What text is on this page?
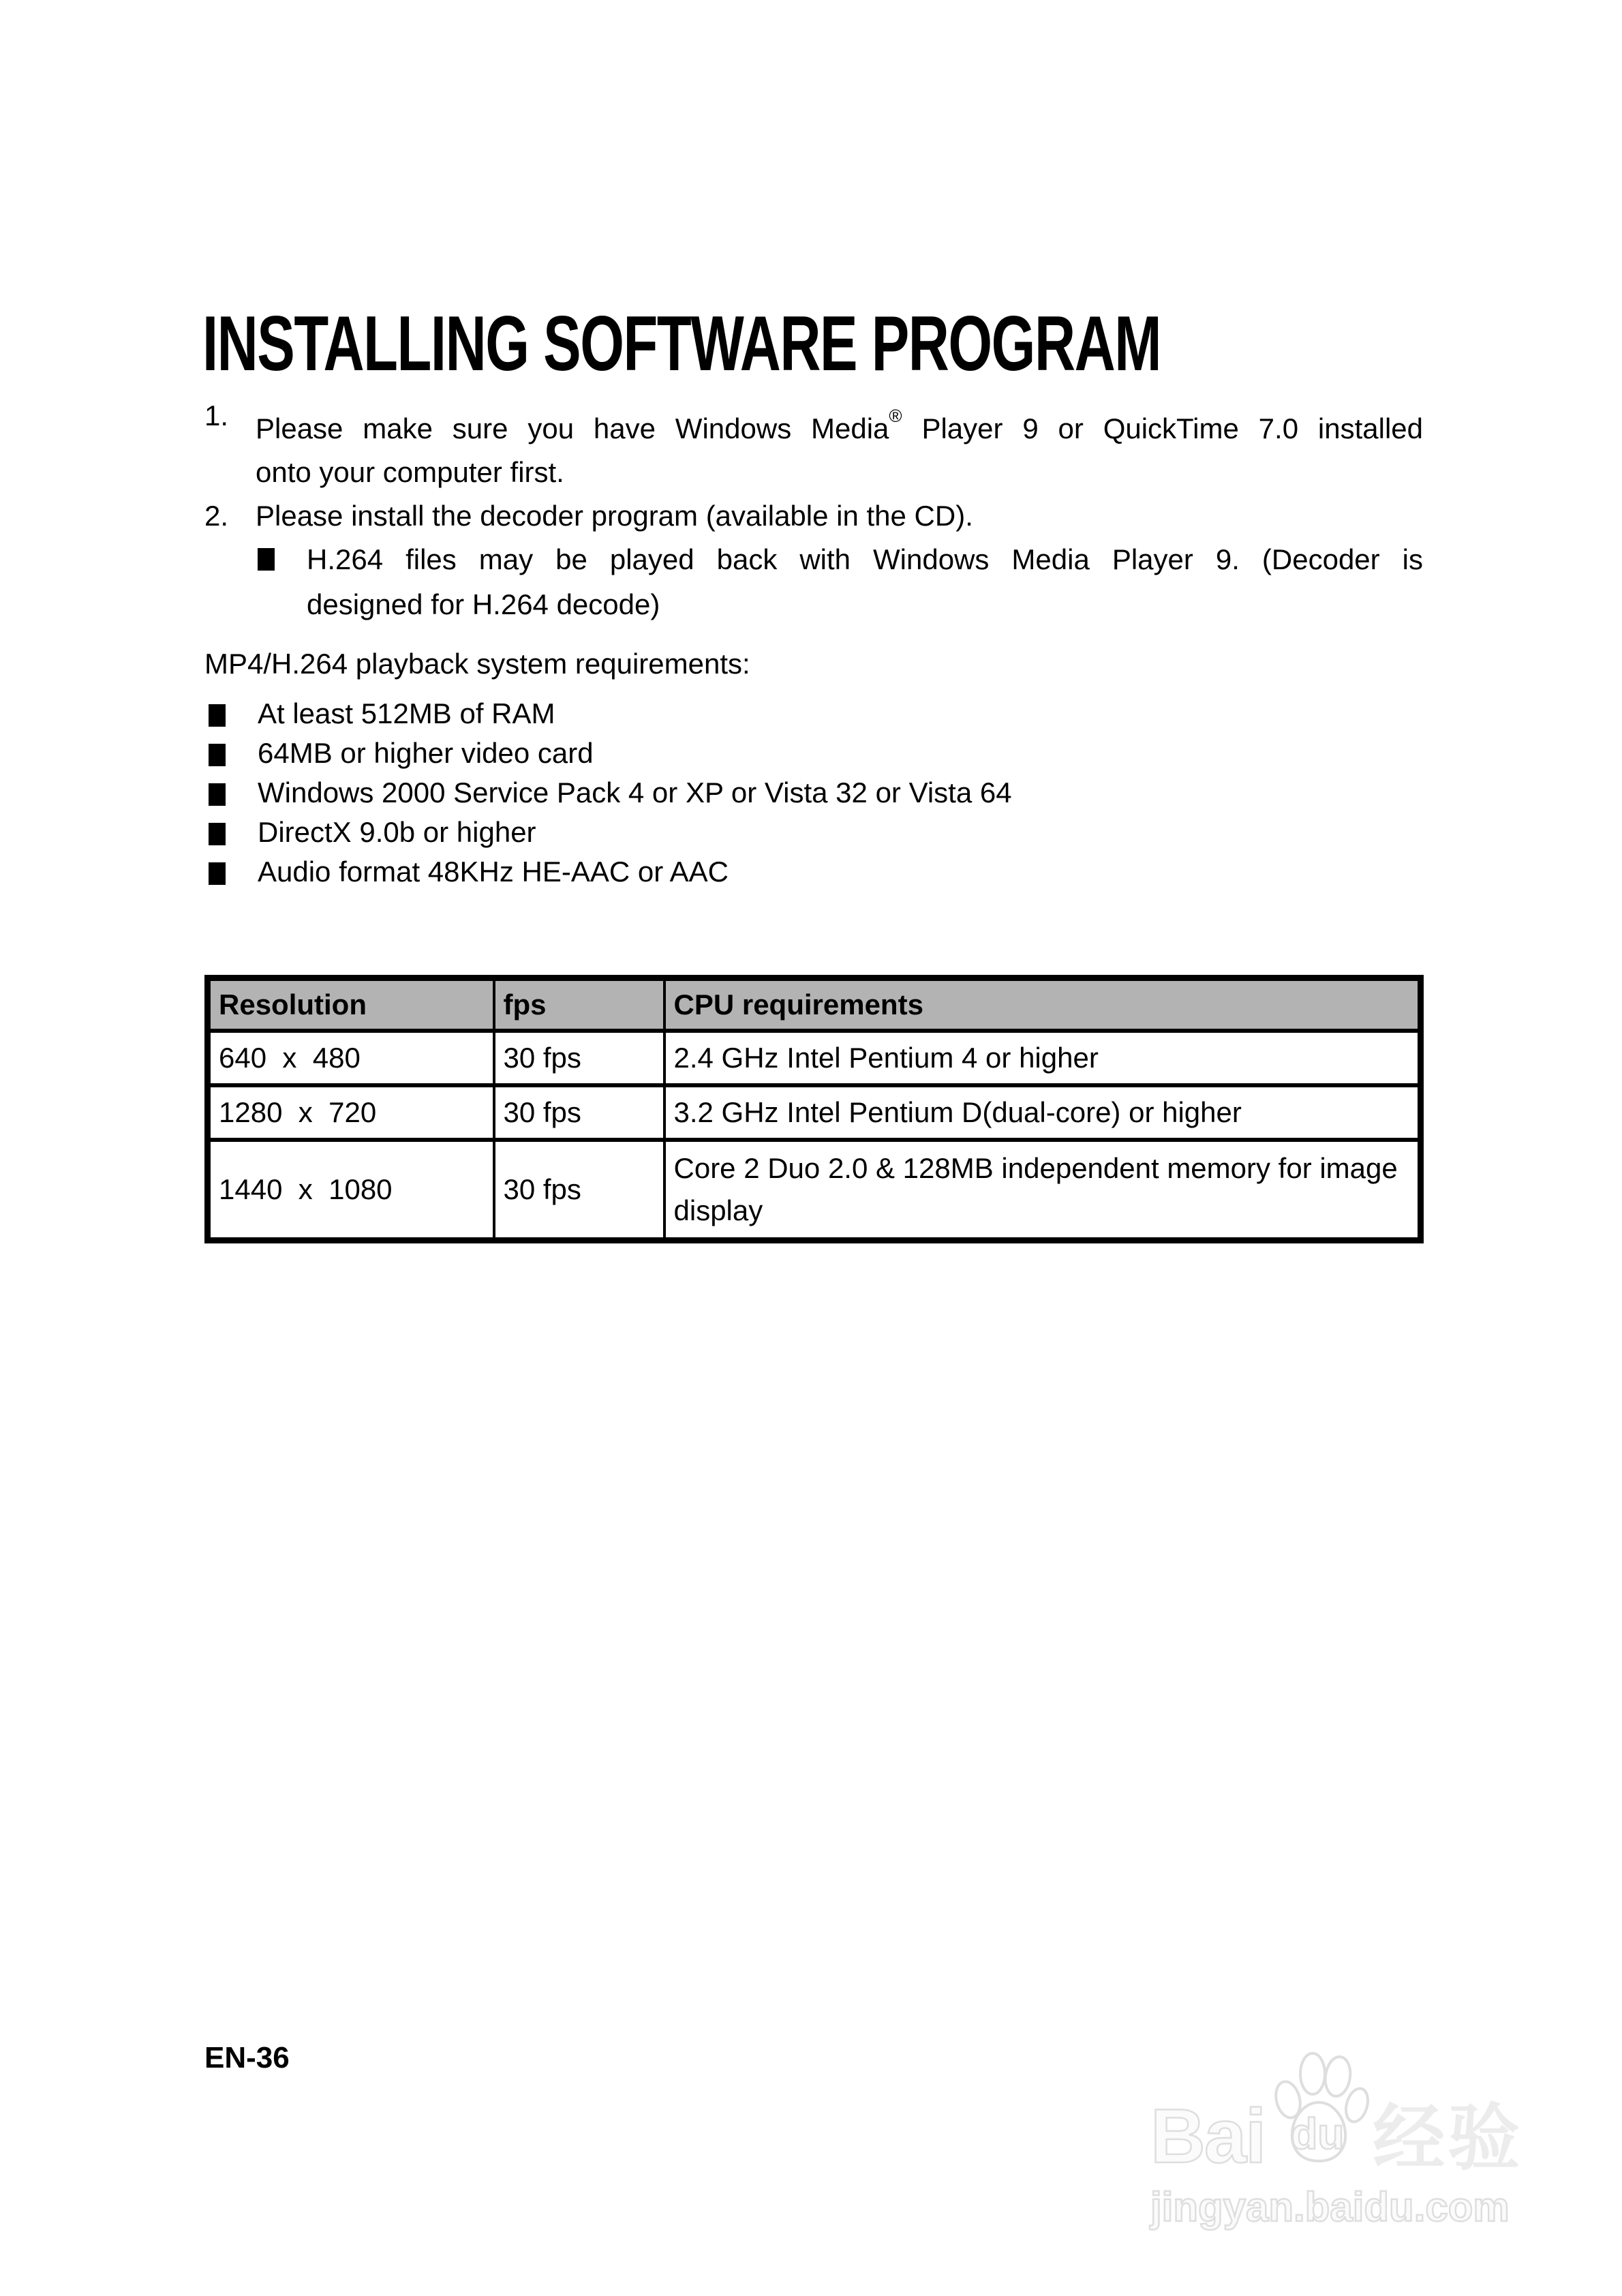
INSTALLING SOFTWARE PROGRAM
1. Please make sure you have Windows Media® Player 9 or QuickTime 7.0 installed
onto your computer first.
2. Please install the decoder program (available in the CD).
H.264 files may be played back with Windows Media Player 9. (Decoder is
designed for H.264 decode)
MP4/H.264 playback system requirements:
At least 512MB of RAM
64MB or higher video card
Windows 2000 Service Pack 4 or XP or Vista 32 or Vista 64
DirectX 9.0b or higher
Audio format 48KHz HE-AAC or AAC
Resolution	fps	CPU requirements
640  x  480	30 fps	2.4 GHz Intel Pentium 4 or higher
1280  x  720	30 fps	3.2 GHz Intel Pentium D(dual-core) or higher
1440  x  1080	30 fps	Core 2 Duo 2.0 & 128MB independent memory for image display
EN-36
Bai du 经验
jingyan.baidu.com
